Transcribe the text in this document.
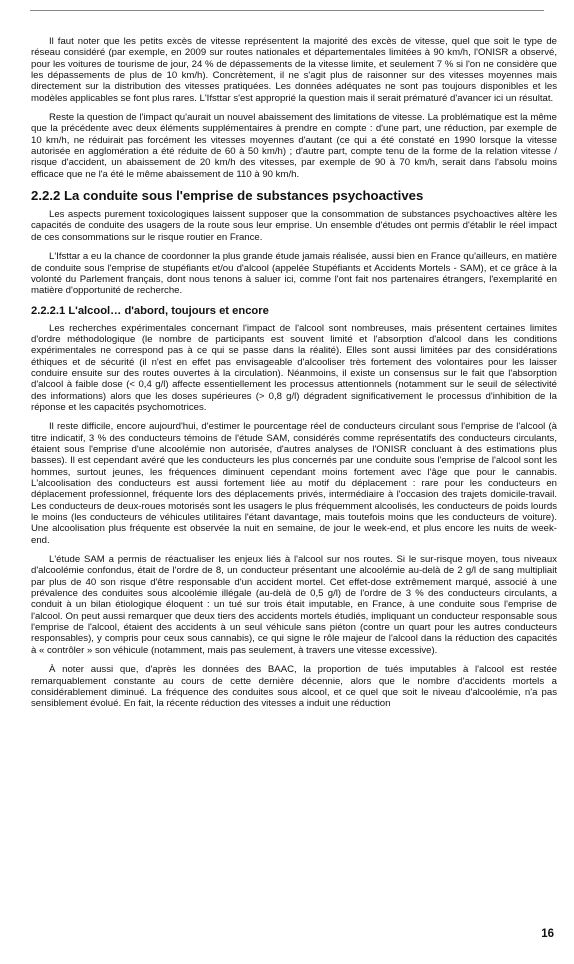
Il faut noter que les petits excès de vitesse représentent la majorité des excès de vitesse, quel que soit le type de réseau considéré (par exemple, en 2009 sur routes nationales et départementales limitées à 90 km/h, l'ONISR a observé, pour les voitures de tourisme de jour, 24 % de dépassements de la vitesse limite, et seulement 7 % si l'on ne considère que les dépassements de plus de 10 km/h). Concrètement, il ne s'agit plus de raisonner sur des vitesses moyennes mais directement sur la distribution des vitesses pratiquées. Les données adéquates ne sont pas toujours disponibles et les modèles applicables se font plus rares. L'Ifsttar s'est approprié la question mais il serait prématuré d'avancer ici un résultat.

Reste la question de l'impact qu'aurait un nouvel abaissement des limitations de vitesse. La problématique est la même que la précédente avec deux éléments supplémentaires à prendre en compte : d'une part, une réduction, par exemple de 10 km/h, ne réduirait pas forcément les vitesses moyennes d'autant (ce qui a été constaté en 1990 lorsque la vitesse autorisée en agglomération a été réduite de 60 à 50 km/h) ; d'autre part, compte tenu de la forme de la relation vitesse / risque d'accident, un abaissement de 20 km/h des vitesses, par exemple de 90 à 70 km/h, serait dans l'absolu moins efficace que ne l'a été le même abaissement de 110 à 90 km/h.

2.2.2 La conduite sous l'emprise de substances psychoactives

Les aspects purement toxicologiques laissent supposer que la consommation de substances psychoactives altère les capacités de conduite des usagers de la route sous leur emprise. Un ensemble d'études ont permis d'établir le réel impact de ces consommations sur le risque routier en France.

L'Ifsttar a eu la chance de coordonner la plus grande étude jamais réalisée, aussi bien en France qu'ailleurs, en matière de conduite sous l'emprise de stupéfiants et/ou d'alcool (appelée Stupéfiants et Accidents Mortels - SAM), et ce grâce à la volonté du Parlement français, dont nous tenons à saluer ici, comme l'ont fait nos partenaires étrangers, l'exemplarité en matière d'opportunité de recherche.

2.2.2.1 L'alcool… d'abord, toujours et encore

Les recherches expérimentales concernant l'impact de l'alcool sont nombreuses, mais présentent certaines limites d'ordre méthodologique (le nombre de participants est souvent limité et l'absorption d'alcool dans les conditions expérimentales ne correspond pas à ce qui se passe dans la réalité). Elles sont aussi limitées par des considérations éthiques et de sécurité (il n'est en effet pas envisageable d'alcooliser très fortement des volontaires pour les laisser conduire ensuite sur des routes ouvertes à la circulation). Néanmoins, il existe un consensus sur le fait que l'absorption d'alcool à faible dose (< 0,4 g/l) affecte essentiellement les processus attentionnels (notamment sur le seuil de sélectivité des informations) alors que les doses supérieures (> 0,8 g/l) dégradent significativement le processus d'inhibition de la réponse et les capacités psychomotrices.

Il reste difficile, encore aujourd'hui, d'estimer le pourcentage réel de conducteurs circulant sous l'emprise de l'alcool (à titre indicatif, 3 % des conducteurs témoins de l'étude SAM, considérés comme représentatifs des conducteurs circulants, étaient sous l'emprise d'une alcoolémie non autorisée, d'autres analyses de l'ONISR concluant à des estimations plus basses). Il est cependant avéré que les conducteurs les plus concernés par une conduite sous l'emprise de l'alcool sont les hommes, surtout jeunes, les fréquences diminuent cependant moins fortement avec l'âge que pour le cannabis. L'alcoolisation des conducteurs est aussi fortement liée au motif du déplacement : rare pour les conducteurs en déplacement professionnel, fréquente lors des déplacements privés, intermédiaire à l'occasion des trajets domicile-travail. Les conducteurs de deux-roues motorisés sont les usagers le plus fréquemment alcoolisés, les conducteurs de poids lourds le moins (les conducteurs de véhicules utilitaires l'étant davantage, mais toutefois moins que les conducteurs de voiture). Une alcoolisation plus fréquente est observée la nuit en semaine, de jour le week-end, et plus encore les nuits de week-end.

L'étude SAM a permis de réactualiser les enjeux liés à l'alcool sur nos routes. Si le sur-risque moyen, tous niveaux d'alcoolémie confondus, était de l'ordre de 8, un conducteur présentant une alcoolémie au-delà de 2 g/l de sang multipliait par plus de 40 son risque d'être responsable d'un accident mortel. Cet effet-dose extrêmement marqué, associé à une prévalence des conduites sous alcoolémie illégale (au-delà de 0,5 g/l) de l'ordre de 3 % des conducteurs circulants, a conduit à un bilan étiologique éloquent : un tué sur trois était imputable, en France, à une conduite sous l'emprise de l'alcool. On peut aussi remarquer que deux tiers des accidents mortels étudiés, impliquant un conducteur responsable sous l'emprise de l'alcool, étaient des accidents à un seul véhicule sans piéton (contre un quart pour les autres conducteurs responsables), y compris pour ceux sous cannabis), ce qui signe le rôle majeur de l'alcool dans la réduction des capacités à « contrôler » son véhicule (notamment, mais pas seulement, à travers une vitesse excessive).

À noter aussi que, d'après les données des BAAC, la proportion de tués imputables à l'alcool est restée remarquablement constante au cours de cette dernière décennie, alors que le nombre d'accidents mortels a considérablement diminué. La fréquence des conduites sous alcool, et ce quel que soit le niveau d'alcoolémie, n'a pas sensiblement évolué. En fait, la récente réduction des vitesses a induit une réduction

16
